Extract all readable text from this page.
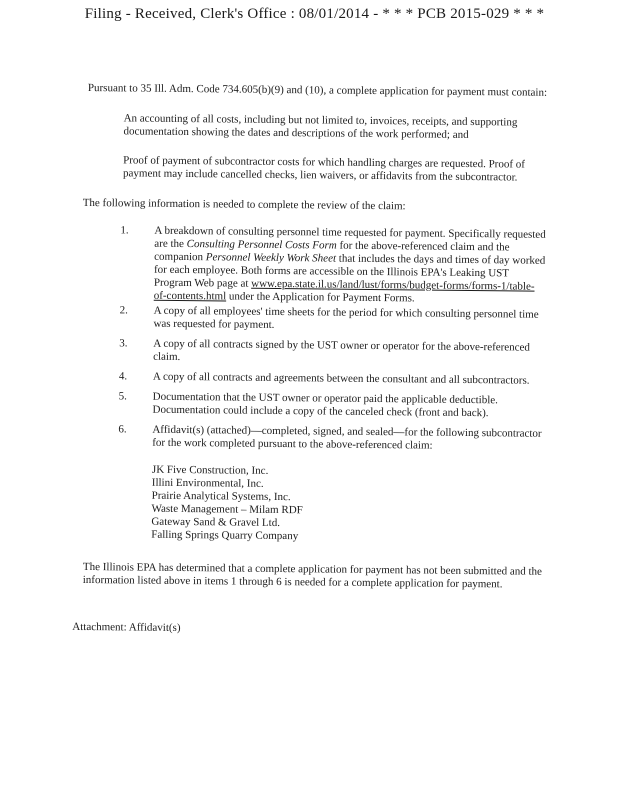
Filing - Received, Clerk's Office : 08/01/2014 - * * * PCB 2015-029 * * *

Pursuant to 35 Ill. Adm. Code 734.605(b)(9) and (10), a complete application for payment must contain:

An accounting of all costs, including but not limited to, invoices, receipts, and supporting documentation showing the dates and descriptions of the work performed; and

Proof of payment of subcontractor costs for which handling charges are requested. Proof of payment may include cancelled checks, lien waivers, or affidavits from the subcontractor.

The following information is needed to complete the review of the claim:

1.	A breakdown of consulting personnel time requested for payment. Specifically requested are the Consulting Personnel Costs Form for the above-referenced claim and the companion Personnel Weekly Work Sheet that includes the days and times of day worked for each employee. Both forms are accessible on the Illinois EPA's Leaking UST Program Web page at www.epa.state.il.us/land/lust/forms/budget-forms/forms-1/table-of-contents.html under the Application for Payment Forms.
2.	A copy of all employees' time sheets for the period for which consulting personnel time was requested for payment.
3.	A copy of all contracts signed by the UST owner or operator for the above-referenced claim.
4.	A copy of all contracts and agreements between the consultant and all subcontractors.
5.	Documentation that the UST owner or operator paid the applicable deductible. Documentation could include a copy of the canceled check (front and back).
6.	Affidavit(s) (attached)—completed, signed, and sealed—for the following subcontractor for the work completed pursuant to the above-referenced claim:
JK Five Construction, Inc.
Illini Environmental, Inc.
Prairie Analytical Systems, Inc.
Waste Management – Milam RDF
Gateway Sand & Gravel Ltd.
Falling Springs Quarry Company

The Illinois EPA has determined that a complete application for payment has not been submitted and the information listed above in items 1 through 6 is needed for a complete application for payment.

Attachment: Affidavit(s)
